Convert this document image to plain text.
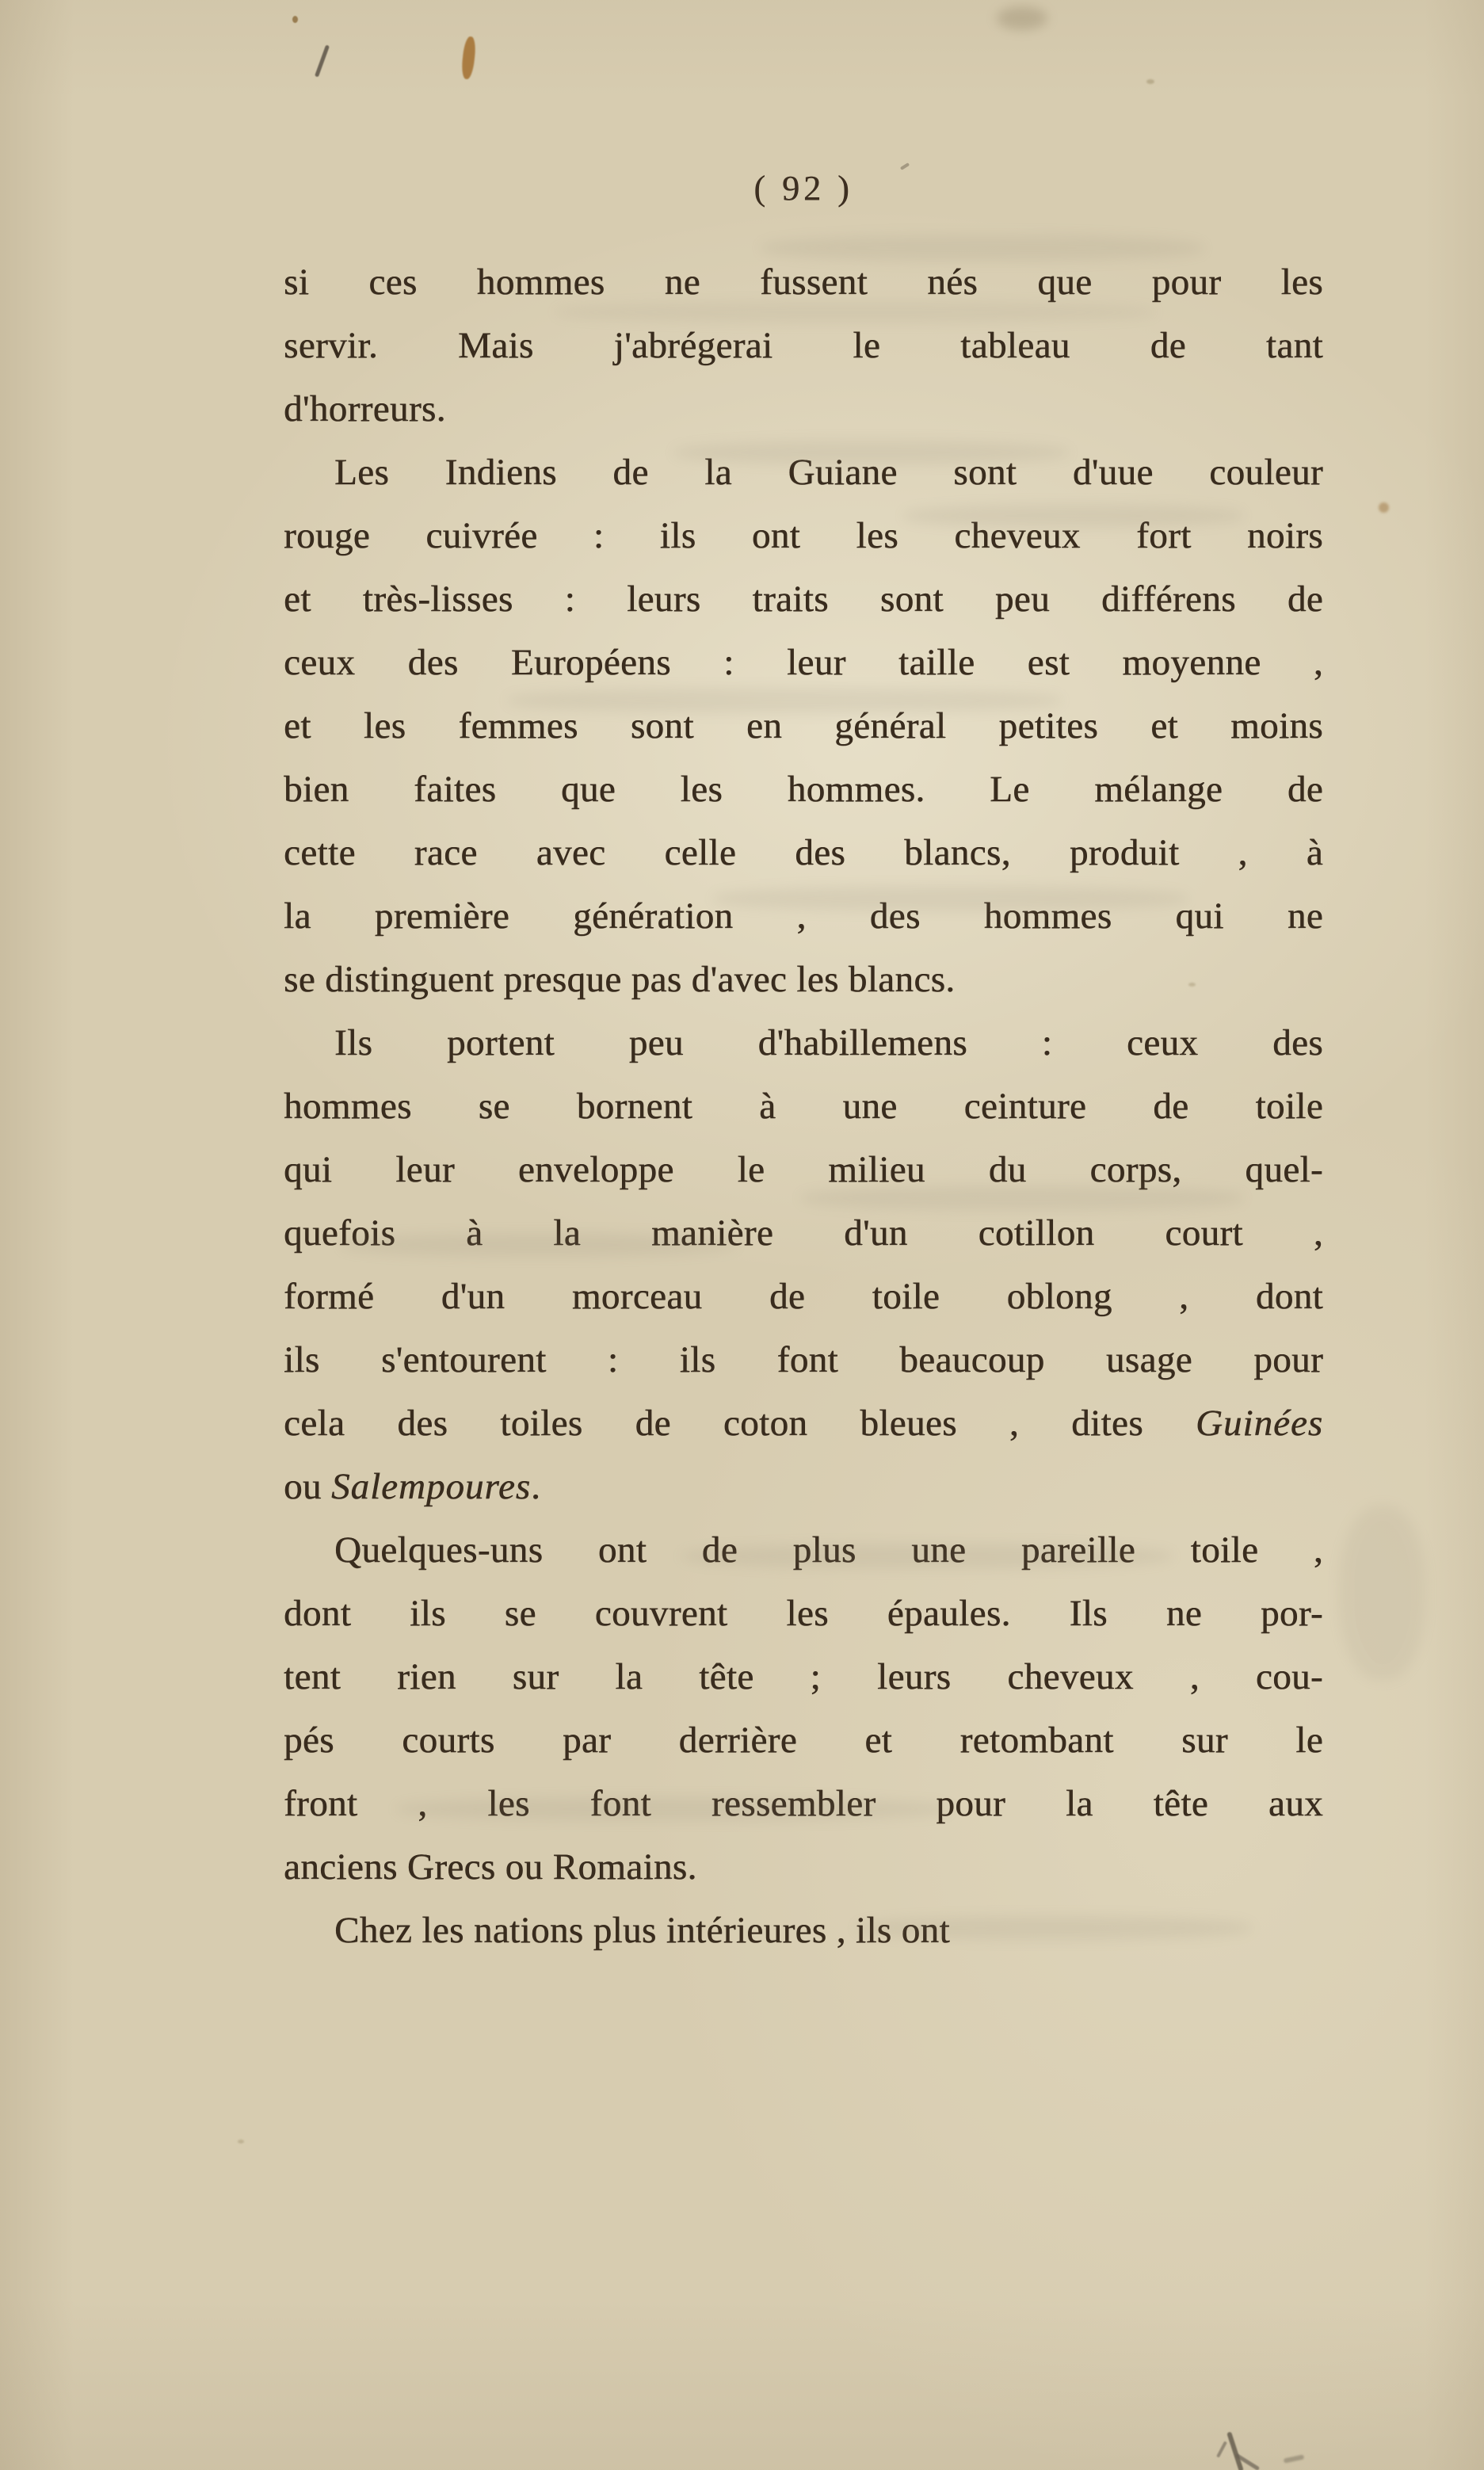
( 92 )
si ces hommes ne fussent nés que pour les
servir. Mais j'abrégerai le tableau de tant
d'horreurs.
Les Indiens de la Guiane sont d'uue couleur
rouge cuivrée : ils ont les cheveux fort noirs
et très-lisses : leurs traits sont peu différens de
ceux des Européens : leur taille est moyenne ,
et les femmes sont en général petites et moins
bien faites que les hommes. Le mélange de
cette race avec celle des blancs, produit , à
la première génération , des hommes qui ne
se distinguent presque pas d'avec les blancs.
Ils portent peu d'habillemens : ceux des
hommes se bornent à une ceinture de toile
qui leur enveloppe le milieu du corps, quel-
quefois à la manière d'un cotillon court ,
formé d'un morceau de toile oblong , dont
ils s'entourent : ils font beaucoup usage pour
cela des toiles de coton bleues , dites Guinées
ou Salempoures.
Quelques-uns ont de plus une pareille toile ,
dont ils se couvrent les épaules. Ils ne por-
tent rien sur la tête ; leurs cheveux , cou-
pés courts par derrière et retombant sur le
front , les font ressembler pour la tête aux
anciens Grecs ou Romains.
Chez les nations plus intérieures , ils ont
